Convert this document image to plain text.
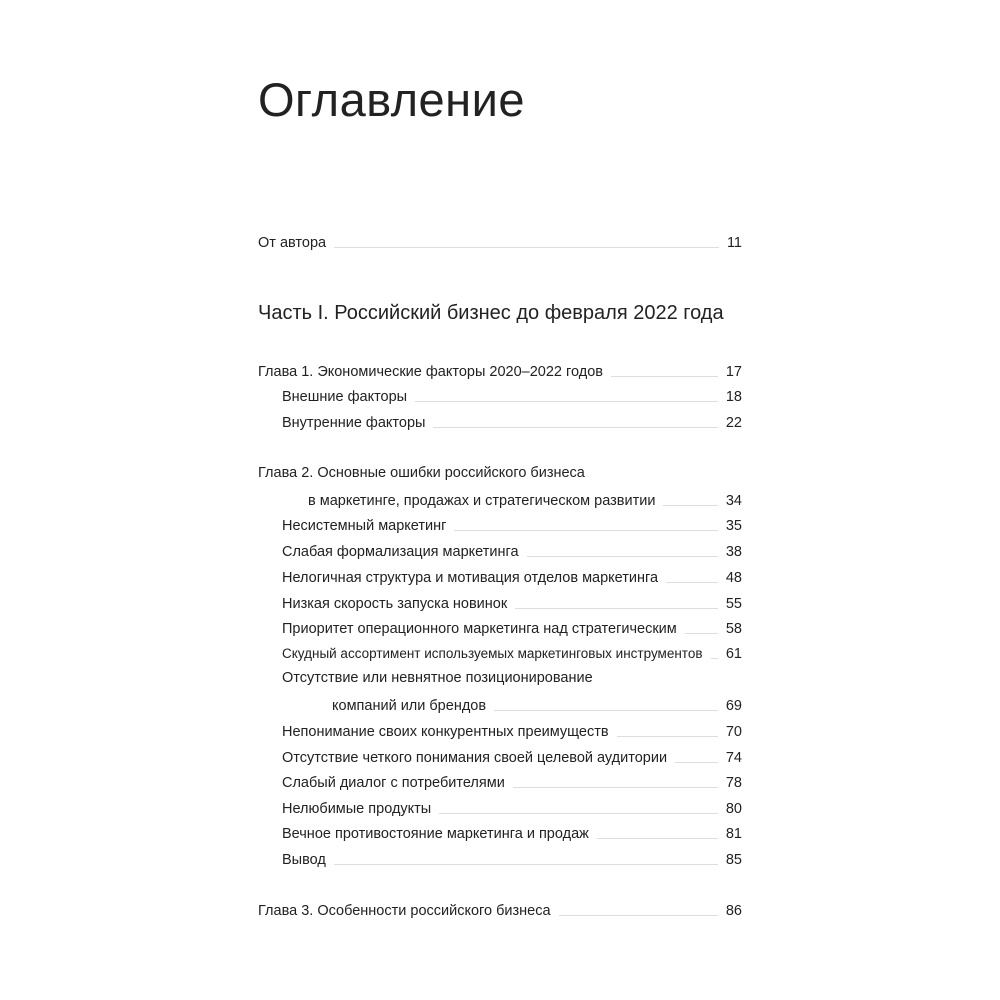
Оглавление
От автора	11
Часть I. Российский бизнес до февраля 2022 года
Глава 1. Экономические факторы 2020–2022 годов	17
Внешние факторы	18
Внутренние факторы	22
Глава 2. Основные ошибки российского бизнеса
в маркетинге, продажах и стратегическом развитии	34
Несистемный маркетинг	35
Слабая формализация маркетинга	38
Нелогичная структура и мотивация отделов маркетинга	48
Низкая скорость запуска новинок	55
Приоритет операционного маркетинга над стратегическим	58
Скудный ассортимент используемых маркетинговых инструментов 61
Отсутствие или невнятное позиционирование
компаний или брендов	69
Непонимание своих конкурентных преимуществ	70
Отсутствие четкого понимания своей целевой аудитории	74
Слабый диалог с потребителями	78
Нелюбимые продукты	80
Вечное противостояние маркетинга и продаж	81
Вывод	85
Глава 3. Особенности российского бизнеса	86
